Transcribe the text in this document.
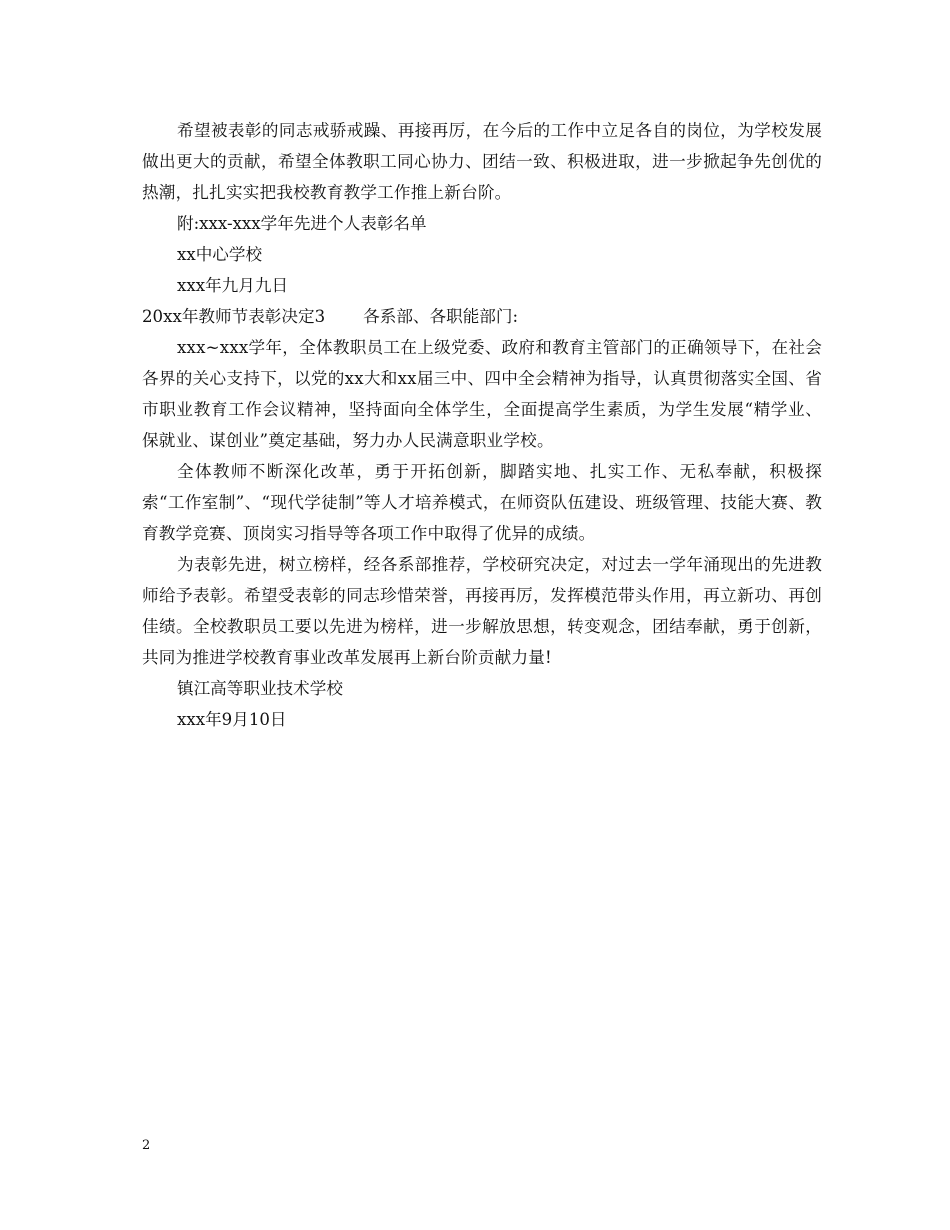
希望被表彰的同志戒骄戒躁、再接再厉，在今后的工作中立足各自的岗位，为学校发展做出更大的贡献，希望全体教职工同心协力、团结一致、积极进取，进一步掀起争先创优的热潮，扎扎实实把我校教育教学工作推上新台阶。

附:xxx-xxx学年先进个人表彰名单

xx中心学校

xxx年九月九日

20xx年教师节表彰决定3 各系部、各职能部门:

xxx~xxx学年，全体教职员工在上级党委、政府和教育主管部门的正确领导下，在社会各界的关心支持下，以党的xx大和xx届三中、四中全会精神为指导，认真贯彻落实全国、省市职业教育工作会议精神，坚持面向全体学生，全面提高学生素质，为学生发展“精学业、保就业、谋创业”奠定基础，努力办人民满意职业学校。

全体教师不断深化改革，勇于开拓创新，脚踏实地、扎实工作、无私奉献，积极探索“工作室制”、“现代学徒制”等人才培养模式，在师资队伍建设、班级管理、技能大赛、教育教学竞赛、顶岗实习指导等各项工作中取得了优异的成绩。

为表彰先进，树立榜样，经各系部推荐，学校研究决定，对过去一学年涌现出的先进教师给予表彰。希望受表彰的同志珍惜荣誉，再接再厉，发挥模范带头作用，再立新功、再创佳绩。全校教职员工要以先进为榜样，进一步解放思想，转变观念，团结奉献，勇于创新，共同为推进学校教育事业改革发展再上新台阶贡献力量!

镇江高等职业技术学校

xxx年9月10日

2
